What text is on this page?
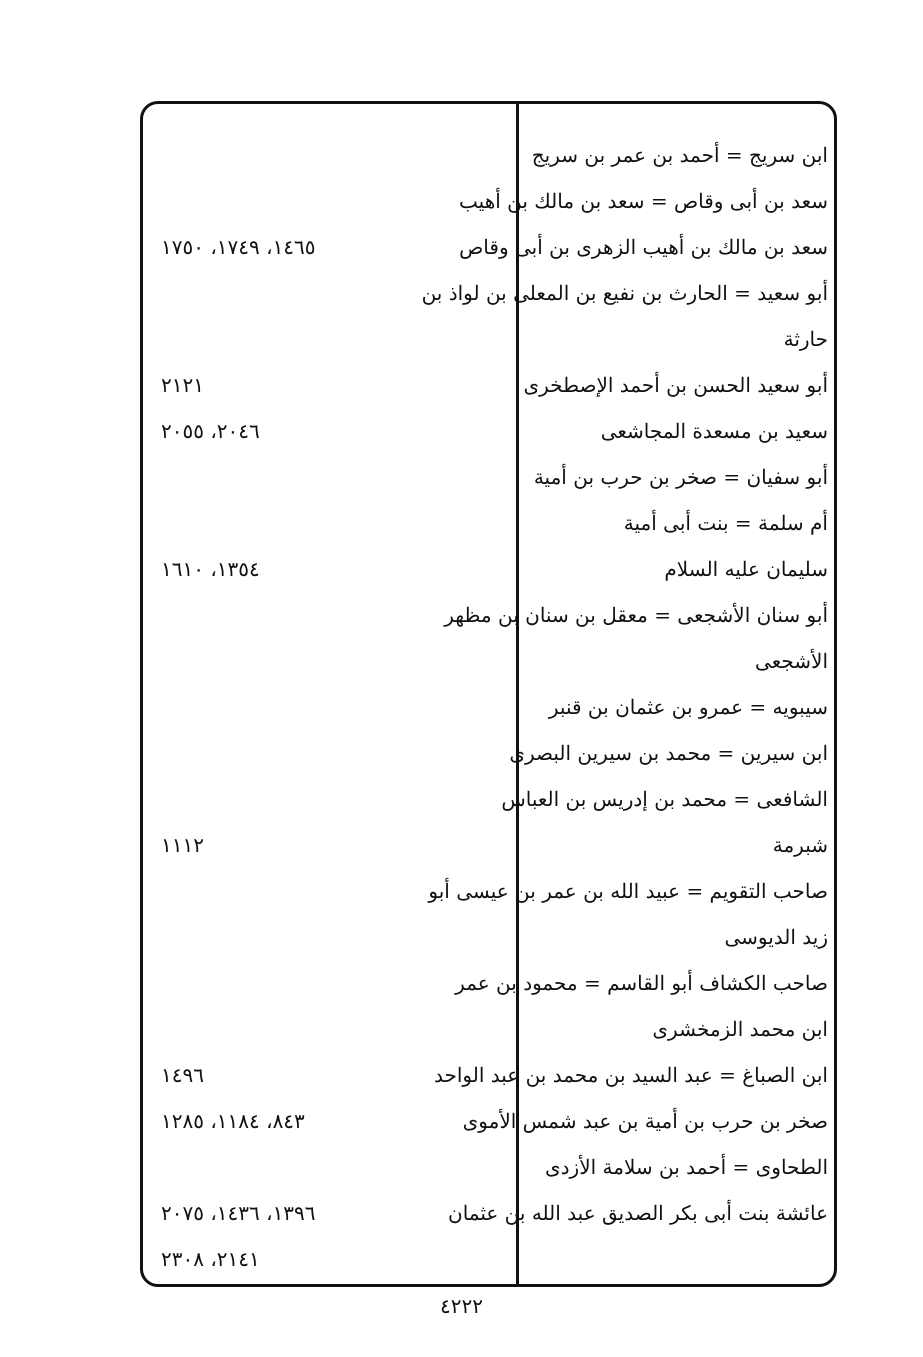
ابن سريج = أحمد بن عمر بن سريج
سعد بن أبى وقاص = سعد بن مالك بن أهيب
سعد بن مالك بن أهيب الزهرى بن أبى وقاص
١٤٦٥، ١٧٤٩، ١٧٥٠
أبو سعيد = الحارث بن نفيع بن المعلى بن لواذ بن
حارثة
أبو سعيد الحسن بن أحمد الإصطخرى
٢١٢١
سعيد بن مسعدة المجاشعى
٢٠٤٦، ٢٠٥٥
أبو سفيان = صخر بن حرب بن أمية
أم سلمة = بنت أبى أمية
سليمان عليه السلام
١٣٥٤، ١٦١٠
أبو سنان الأشجعى = معقل بن سنان بن مظهر
الأشجعى
سيبويه = عمرو بن عثمان بن قنبر
ابن سيرين = محمد بن سيرين البصرى
الشافعى = محمد بن إدريس بن العباس
شبرمة
١١١٢
صاحب التقويم = عبيد الله بن عمر بن عيسى أبو
زيد الديوسى
صاحب الكشاف أبو القاسم = محمود بن عمر
ابن محمد الزمخشرى
ابن الصباغ = عبد السيد بن محمد بن عبد الواحد
١٤٩٦
صخر بن حرب بن أمية بن عبد شمس الأموى
٨٤٣، ١١٨٤، ١٢٨٥
الطحاوى = أحمد بن سلامة الأزدى
عائشة بنت أبى بكر الصديق عبد الله بن عثمان
١٣٩٦، ١٤٣٦، ٢٠٧٥
٢١٤١، ٢٣٠٨
٤٢٢٢
